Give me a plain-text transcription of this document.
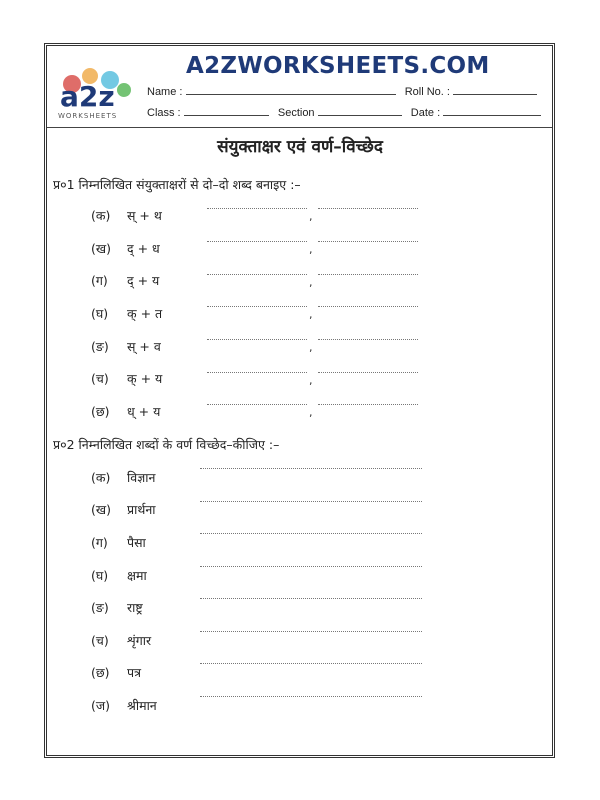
a2z
WORKSHEETS
A2ZWORKSHEETS.COM
Name :	Roll No. :
Class :	Section	Date :
संयुक्ताक्षर एवं वर्ण–विच्छेद
प्र०1 निम्नलिखित संयुक्ताक्षरों से दो–दो शब्द बनाइए :–
(क) स् + थ
(ख) द् + ध
(ग) द् + य
(घ) क् + त
(ङ) स् + व
(च) क् + य
(छ) ध् + य
,
,
,
,
,
,
,
प्र०2 निम्नलिखित शब्दों के वर्ण विच्छेद–कीजिए :–
(क) विज्ञान
(ख) प्रार्थना
(ग) पैसा
(घ) क्षमा
(ङ) राष्ट्र
(च) शृंगार
(छ) पत्र
(ज) श्रीमान
